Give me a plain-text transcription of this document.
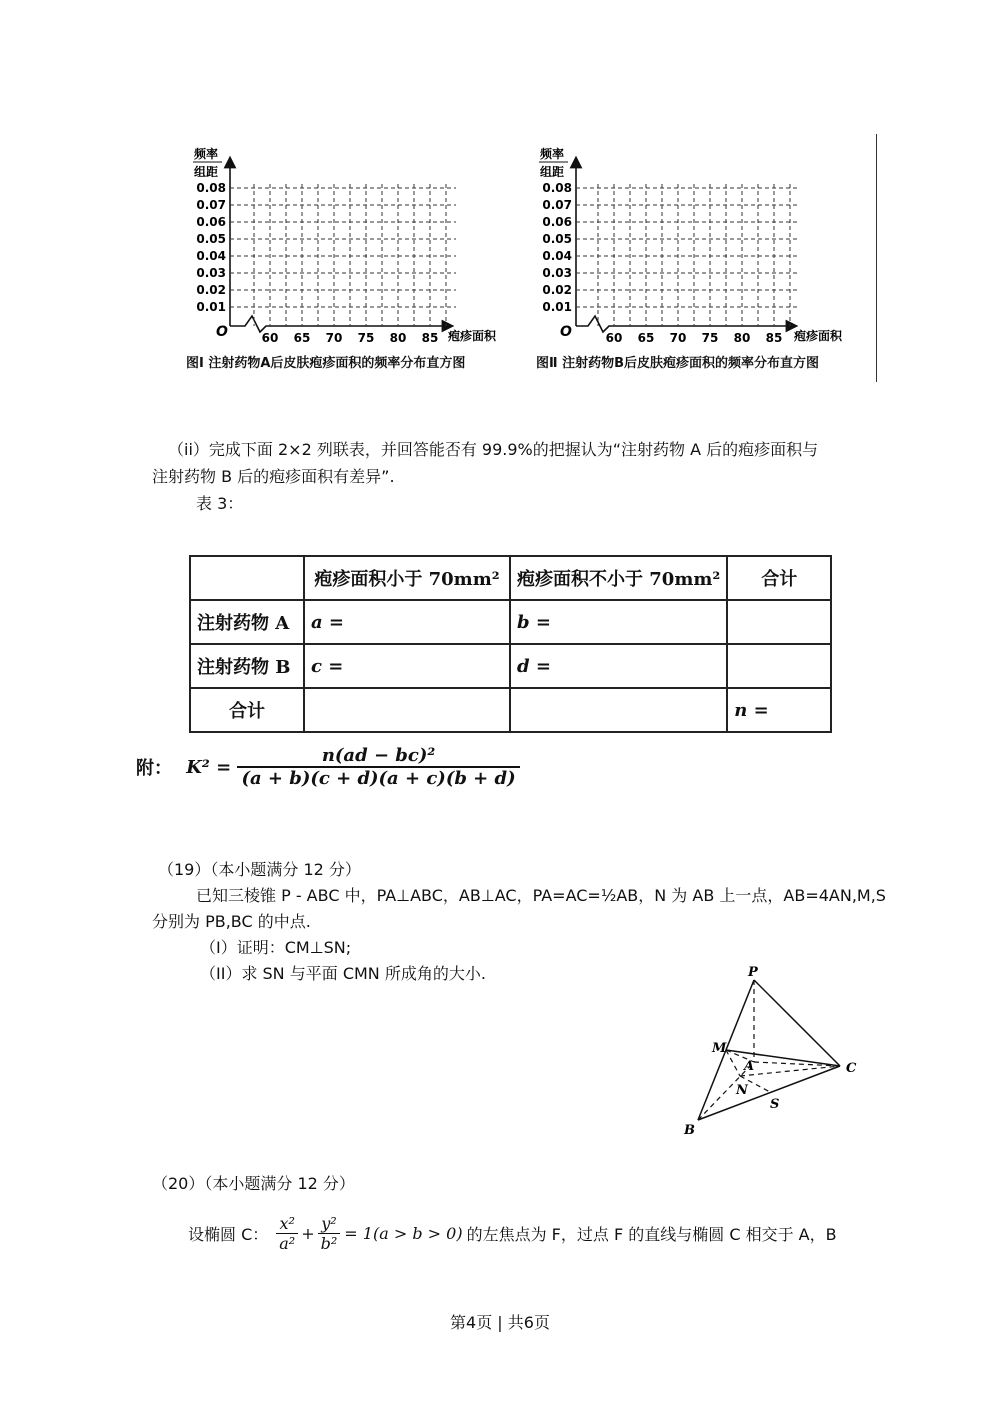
频率
组距
0.08
0.07
0.06
0.05
0.04
0.03
0.02
0.01
60 65 70 75 80 85
O	疱疹面积
图Ⅰ 注射药物A后皮肤疱疹面积的频率分布直方图
频率
组距
0.08
0.07
0.06
0.05
0.04
0.03
0.02
0.01
60 65 70 75 80 85
O	疱疹面积
图Ⅱ 注射药物B后皮肤疱疹面积的频率分布直方图
（ii）完成下面 2×2 列联表，并回答能否有 99.9%的把握认为“注射药物 A 后的疱疹面积与
注射药物 B 后的疱疹面积有差异”.
表 3：
	疱疹面积小于 70mm²	疱疹面积不小于 70mm²	合计
注射药物 A	a =	b =	
注射药物 B	c =	d =	
合计			n =
附： $K^2 = \frac{\text{n(ad − bc)²}}{(a + b)(c + d)(a + c)(b + d)}$
（19）（本小题满分 12 分）
已知三棱锥 P - ABC 中，PA⊥ABC，AB⊥AC，PA=AC=½AB，N 为 AB 上一点，AB=4AN,M,S
分别为 PB,BC 的中点.
（I）证明：CM⊥SN;
（II）求 SN 与平面 CMN 所成角的大小.	P
M
A
N
C
S
B
（20）（本小题满分 12 分）
设椭圆 C： $\frac{\text{x²}}{\text{a²}} + \frac{\text{y²}}{\text{b²}} = 1(a > b > 0)$ 的左焦点为 F，过点 F 的直线与椭圆 C 相交于 A，B
第4页 | 共6页
